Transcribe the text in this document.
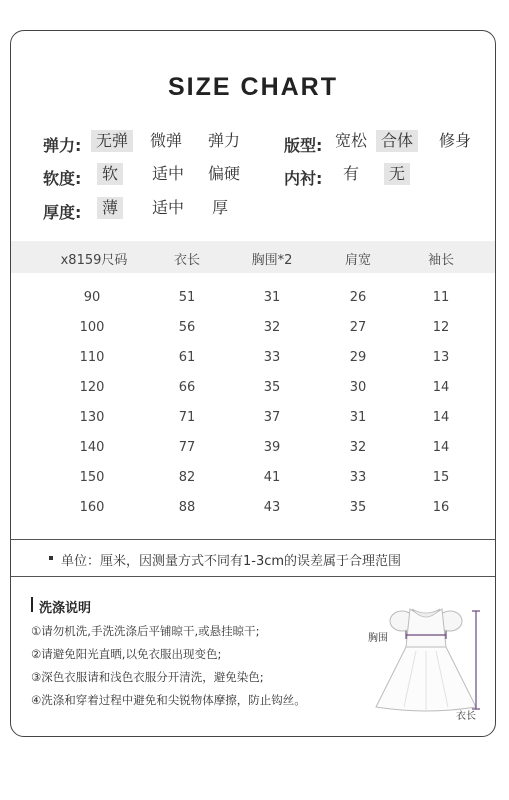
SIZE CHART
弹力: 无弹	微弹	弹力	版型: 宽松 合体	修身
软度:	软	适中	偏硬	内衬:	有	无
厚度:	薄	适中	厚
x8159尺码	衣长	胸围*2	肩宽	袖长
90	51	31	26	11
100	56	32	27	12
110	61	33	29	13
120	66	35	30	14
130	71	37	31	14
140	77	39	32	14
150	82	41	33	15
160	88	43	35	16
单位：厘米，因测量方式不同有1-3cm的误差属于合理范围
洗涤说明
①请勿机洗,手洗洗涤后平铺晾干,或悬挂晾干;
②请避免阳光直晒,以免衣服出现变色;
③深色衣服请和浅色衣服分开清洗，避免染色;
④洗涤和穿着过程中避免和尖锐物体摩擦，防止钩丝。
胸围
衣长
